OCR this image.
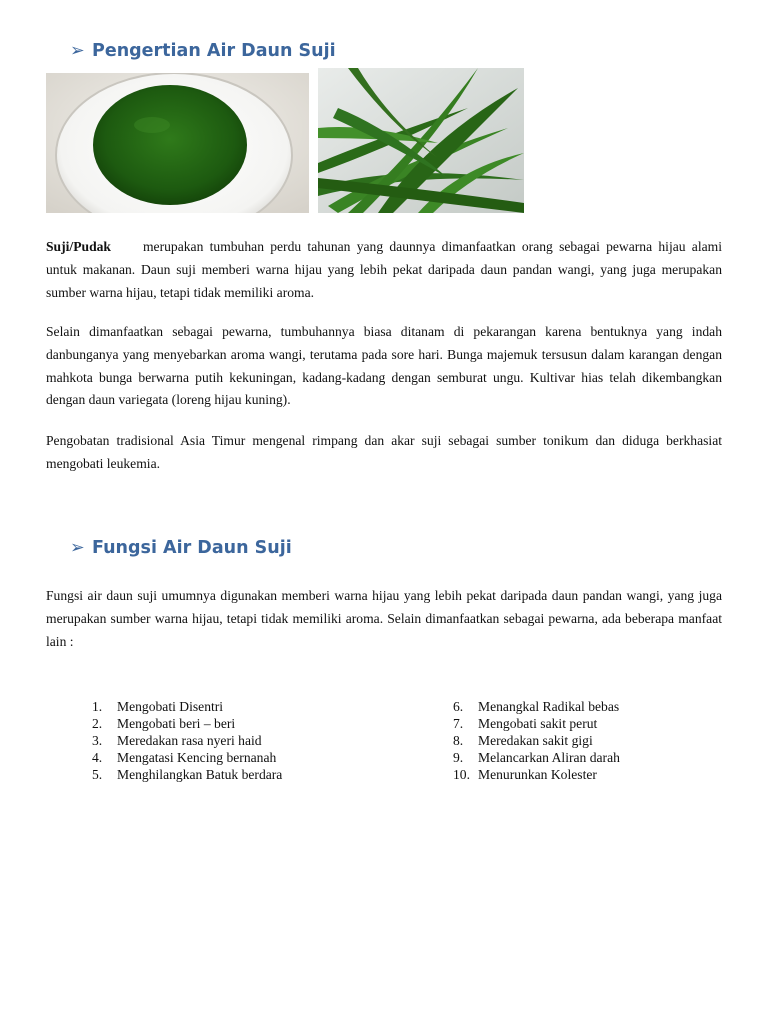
➢ Pengertian Air Daun Suji

Suji/Pudak merupakan tumbuhan perdu tahunan yang daunnya dimanfaatkan orang sebagai pewarna hijau alami untuk makanan. Daun suji memberi warna hijau yang lebih pekat daripada daun pandan wangi, yang juga merupakan sumber warna hijau, tetapi tidak memiliki aroma.

Selain dimanfaatkan sebagai pewarna, tumbuhannya biasa ditanam di pekarangan karena bentuknya yang indah danbunganya yang menyebarkan aroma wangi, terutama pada sore hari. Bunga majemuk tersusun dalam karangan dengan mahkota bunga berwarna putih kekuningan, kadang-kadang dengan semburat ungu. Kultivar hias telah dikembangkan dengan daun variegata (loreng hijau kuning).

Pengobatan tradisional Asia Timur mengenal rimpang dan akar suji sebagai sumber tonikum dan diduga berkhasiat mengobati leukemia.

➢ Fungsi Air Daun Suji

Fungsi air daun suji umumnya digunakan memberi warna hijau yang lebih pekat daripada daun pandan wangi, yang juga merupakan sumber warna hijau, tetapi tidak memiliki aroma. Selain dimanfaatkan sebagai pewarna, ada beberapa manfaat lain :

1.	Mengobati Disentri
2.	Mengobati beri – beri
3.	Meredakan rasa nyeri haid
4.	Mengatasi Kencing bernanah
5.	Menghilangkan Batuk berdara
6.	Menangkal Radikal bebas
7.	Mengobati sakit perut
8.	Meredakan sakit gigi
9.	Melancarkan Aliran darah
10. Menurunkan Kolester
